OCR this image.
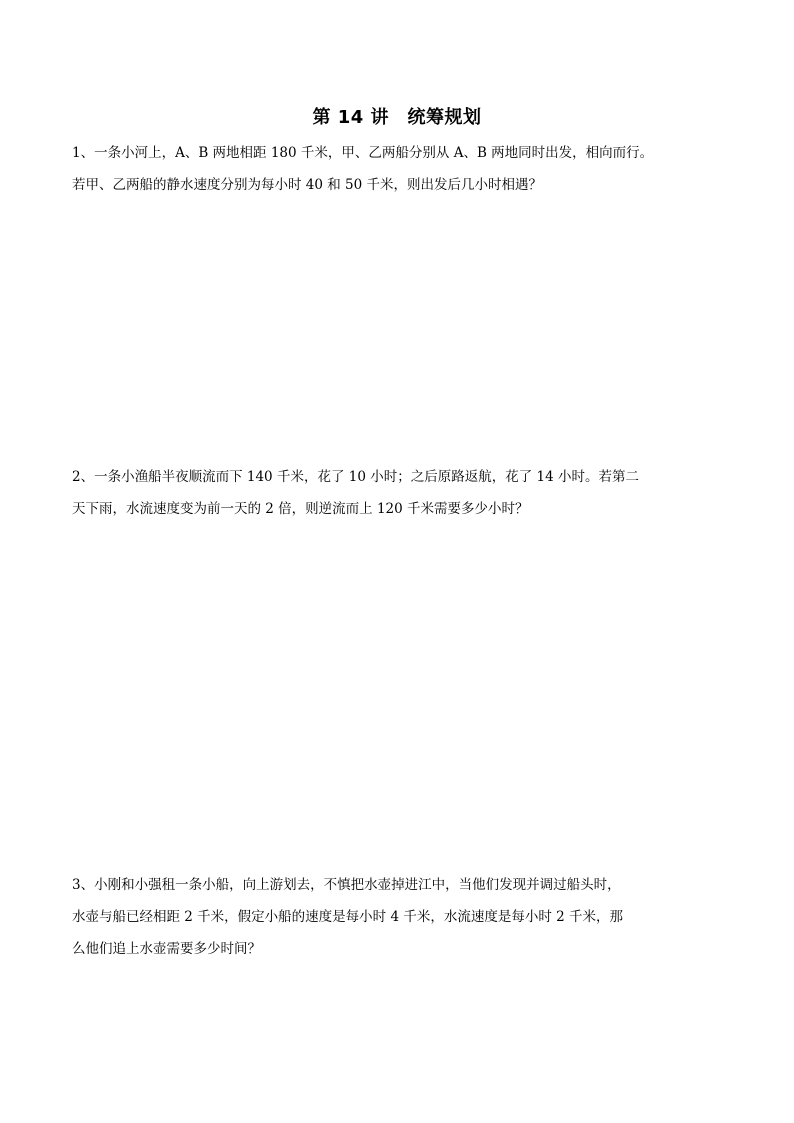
第 14 讲　统筹规划
1、一条小河上，A、B 两地相距 180 千米，甲、乙两船分别从 A、B 两地同时出发，相向而行。
若甲、乙两船的静水速度分别为每小时 40 和 50 千米，则出发后几小时相遇？
2、一条小渔船半夜顺流而下 140 千米，花了 10 小时；之后原路返航，花了 14 小时。若第二
天下雨，水流速度变为前一天的 2 倍，则逆流而上 120 千米需要多少小时？
3、小刚和小强租一条小船，向上游划去，不慎把水壶掉进江中，当他们发现并调过船头时，
水壶与船已经相距 2 千米，假定小船的速度是每小时 4 千米，水流速度是每小时 2 千米，那
么他们追上水壶需要多少时间？
